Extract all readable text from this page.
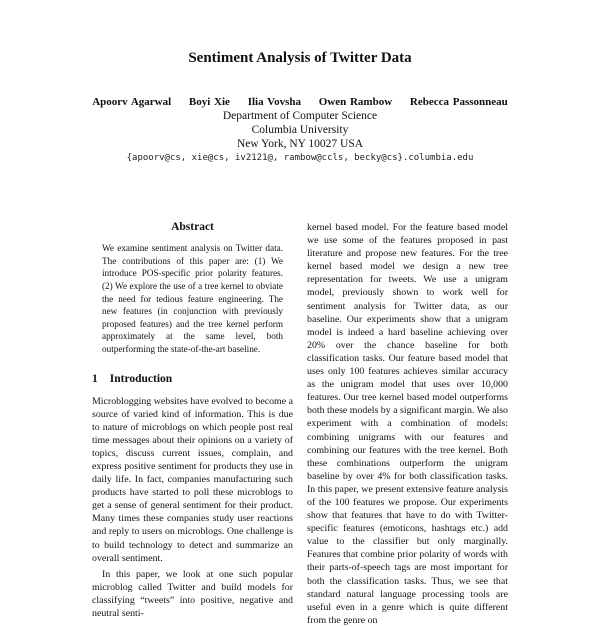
Sentiment Analysis of Twitter Data
Apoorv Agarwal Boyi Xie Ilia Vovsha Owen Rambow Rebecca Passonneau
Department of Computer Science
Columbia University
New York, NY 10027 USA
{apoorv@cs, xie@cs, iv2121@, rambow@ccls, becky@cs}.columbia.edu
Abstract

We examine sentiment analysis on Twitter data. The contributions of this paper are: (1) We introduce POS-specific prior polarity features. (2) We explore the use of a tree kernel to obviate the need for tedious feature engineering. The new features (in conjunction with previously proposed features) and the tree kernel perform approximately at the same level, both outperforming the state-of-the-art baseline.

1 Introduction

Microblogging websites have evolved to become a source of varied kind of information. This is due to nature of microblogs on which people post real time messages about their opinions on a variety of topics, discuss current issues, complain, and express positive sentiment for products they use in daily life. In fact, companies manufacturing such products have started to poll these microblogs to get a sense of general sentiment for their product. Many times these companies study user reactions and reply to users on microblogs. One challenge is to build technology to detect and summarize an overall sentiment.

In this paper, we look at one such popular microblog called Twitter and build models for classifying “tweets” into positive, negative and neutral senti-

kernel based model. For the feature based model we use some of the features proposed in past literature and propose new features. For the tree kernel based model we design a new tree representation for tweets. We use a unigram model, previously shown to work well for sentiment analysis for Twitter data, as our baseline. Our experiments show that a unigram model is indeed a hard baseline achieving over 20% over the chance baseline for both classification tasks. Our feature based model that uses only 100 features achieves similar accuracy as the unigram model that uses over 10,000 features. Our tree kernel based model outperforms both these models by a significant margin. We also experiment with a combination of models: combining unigrams with our features and combining our features with the tree kernel. Both these combinations outperform the unigram baseline by over 4% for both classification tasks. In this paper, we present extensive feature analysis of the 100 features we propose. Our experiments show that features that have to do with Twitter-specific features (emoticons, hashtags etc.) add value to the classifier but only marginally. Features that combine prior polarity of words with their parts-of-speech tags are most important for both the classification tasks. Thus, we see that standard natural language processing tools are useful even in a genre which is quite different from the genre on
